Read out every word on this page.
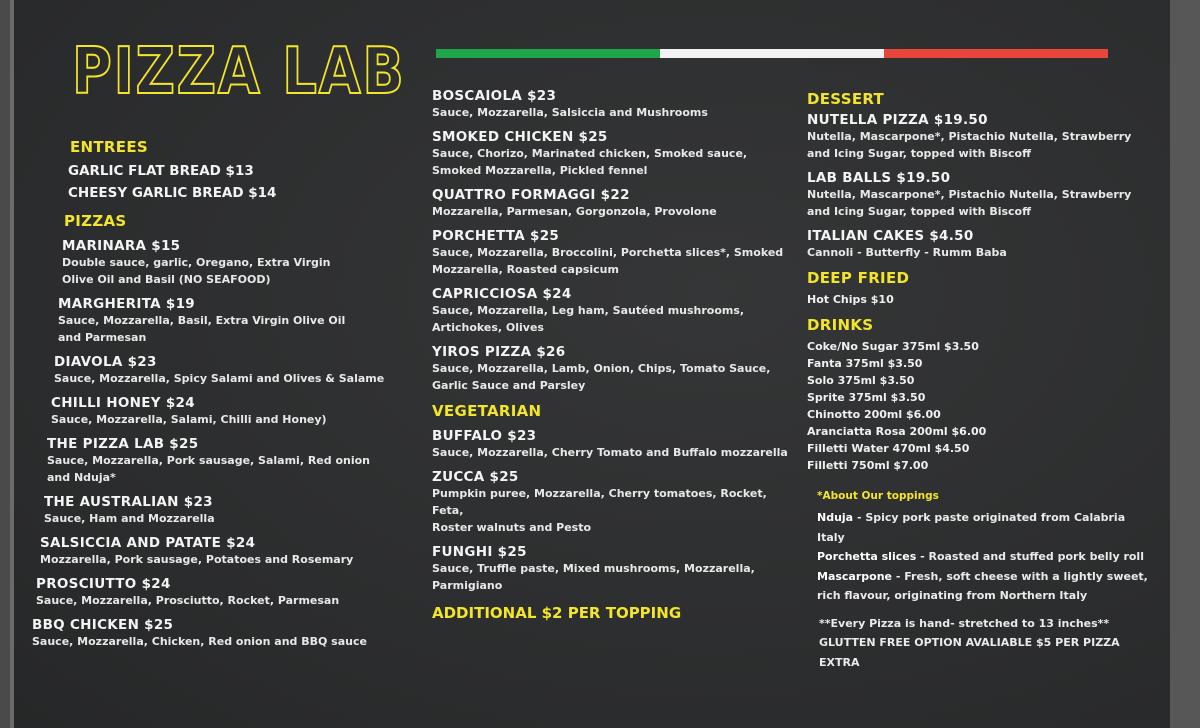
PIZZA LAB
ENTREES
GARLIC FLAT BREAD $13
CHEESY GARLIC BREAD $14
PIZZAS
MARINARA $15
Double sauce, garlic, Oregano, Extra Virgin
Olive Oil and Basil (NO SEAFOOD)
MARGHERITA $19
Sauce, Mozzarella, Basil, Extra Virgin Olive Oil
and Parmesan
DIAVOLA $23
Sauce, Mozzarella, Spicy Salami and Olives & Salame
CHILLI HONEY $24
Sauce, Mozzarella, Salami, Chilli and Honey)
THE PIZZA LAB $25
Sauce, Mozzarella, Pork sausage, Salami, Red onion
and Nduja*
THE AUSTRALIAN $23
Sauce, Ham and Mozzarella
SALSICCIA AND PATATE $24
Mozzarella, Pork sausage, Potatoes and Rosemary
PROSCIUTTO $24
Sauce, Mozzarella, Prosciutto, Rocket, Parmesan
BBQ CHICKEN $25
Sauce, Mozzarella, Chicken, Red onion and BBQ sauce
BOSCAIOLA $23
Sauce, Mozzarella, Salsiccia and Mushrooms
SMOKED CHICKEN $25
Sauce, Chorizo, Marinated chicken, Smoked sauce,
Smoked Mozzarella, Pickled fennel
QUATTRO FORMAGGI $22
Mozzarella, Parmesan, Gorgonzola, Provolone
PORCHETTA $25
Sauce, Mozzarella, Broccolini, Porchetta slices*, Smoked
Mozzarella, Roasted capsicum
CAPRICCIOSA $24
Sauce, Mozzarella, Leg ham, Sautéed mushrooms,
Artichokes, Olives
YIROS PIZZA $26
Sauce, Mozzarella, Lamb, Onion, Chips, Tomato Sauce,
Garlic Sauce and Parsley
VEGETARIAN
BUFFALO $23
Sauce, Mozzarella, Cherry Tomato and Buffalo mozzarella
ZUCCA $25
Pumpkin puree, Mozzarella, Cherry tomatoes, Rocket,
Feta,
Roster walnuts and Pesto
FUNGHI $25
Sauce, Truffle paste, Mixed mushrooms, Mozzarella,
Parmigiano
ADDITIONAL $2 PER TOPPING
DESSERT
NUTELLA PIZZA $19.50
Nutella, Mascarpone*, Pistachio Nutella, Strawberry
and Icing Sugar, topped with Biscoff
LAB BALLS $19.50
Nutella, Mascarpone*, Pistachio Nutella, Strawberry
and Icing Sugar, topped with Biscoff
ITALIAN CAKES $4.50
Cannoli - Butterfly - Rumm Baba
DEEP FRIED
Hot Chips $10
DRINKS
Coke/No Sugar 375ml $3.50
Fanta 375ml $3.50
Solo 375ml $3.50
Sprite 375ml $3.50
Chinotto 200ml $6.00
Aranciatta Rosa 200ml $6.00
Filletti Water 470ml $4.50
Filletti 750ml $7.00
*About Our toppings
Nduja - Spicy pork paste originated from Calabria Italy
Porchetta slices - Roasted and stuffed pork belly roll
Mascarpone - Fresh, soft cheese with a lightly sweet,
rich flavour, originating from Northern Italy
**Every Pizza is hand- stretched to 13 inches**
GLUTTEN FREE OPTION AVALIABLE $5 PER PIZZA
EXTRA
